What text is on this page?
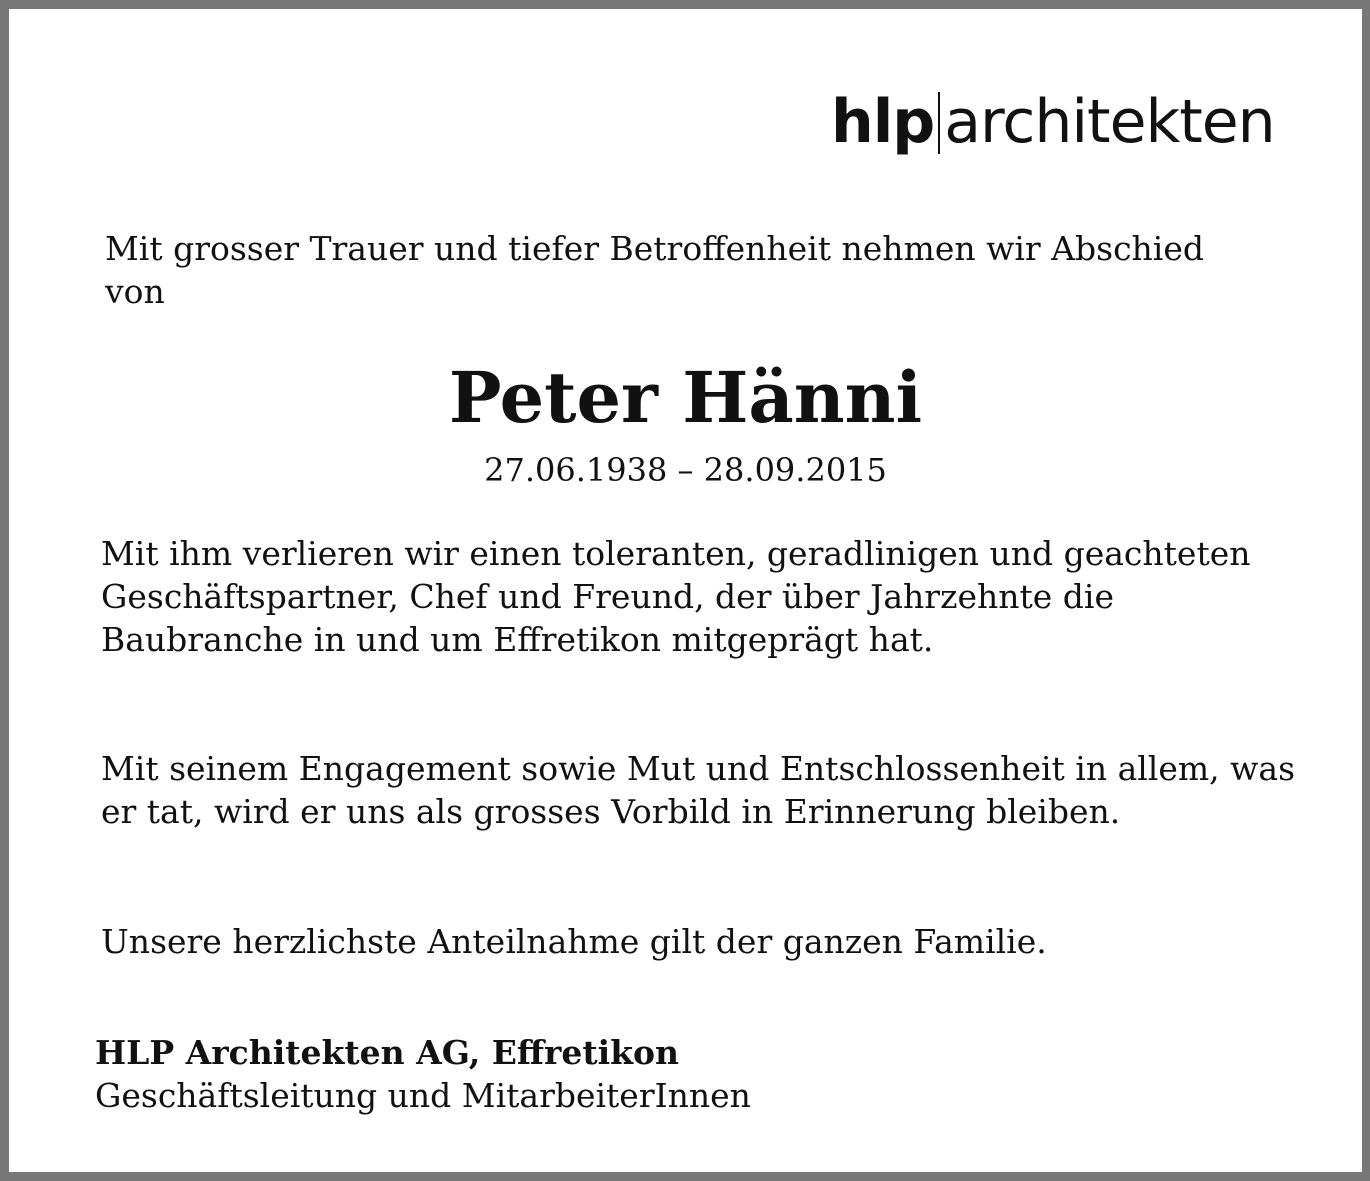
hlp architekten
Mit grosser Trauer und tiefer Betroffenheit nehmen wir Abschied von
Peter Hänni
27.06.1938 – 28.09.2015
Mit ihm verlieren wir einen toleranten, geradlinigen und geachteten Geschäftspartner, Chef und Freund, der über Jahrzehnte die Baubranche in und um Effretikon mitgeprägt hat.
Mit seinem Engagement sowie Mut und Entschlossenheit in allem, was er tat, wird er uns als grosses Vorbild in Erinnerung bleiben.
Unsere herzlichste Anteilnahme gilt der ganzen Familie.
HLP Architekten AG, Effretikon
Geschäftsleitung und MitarbeiterInnen
